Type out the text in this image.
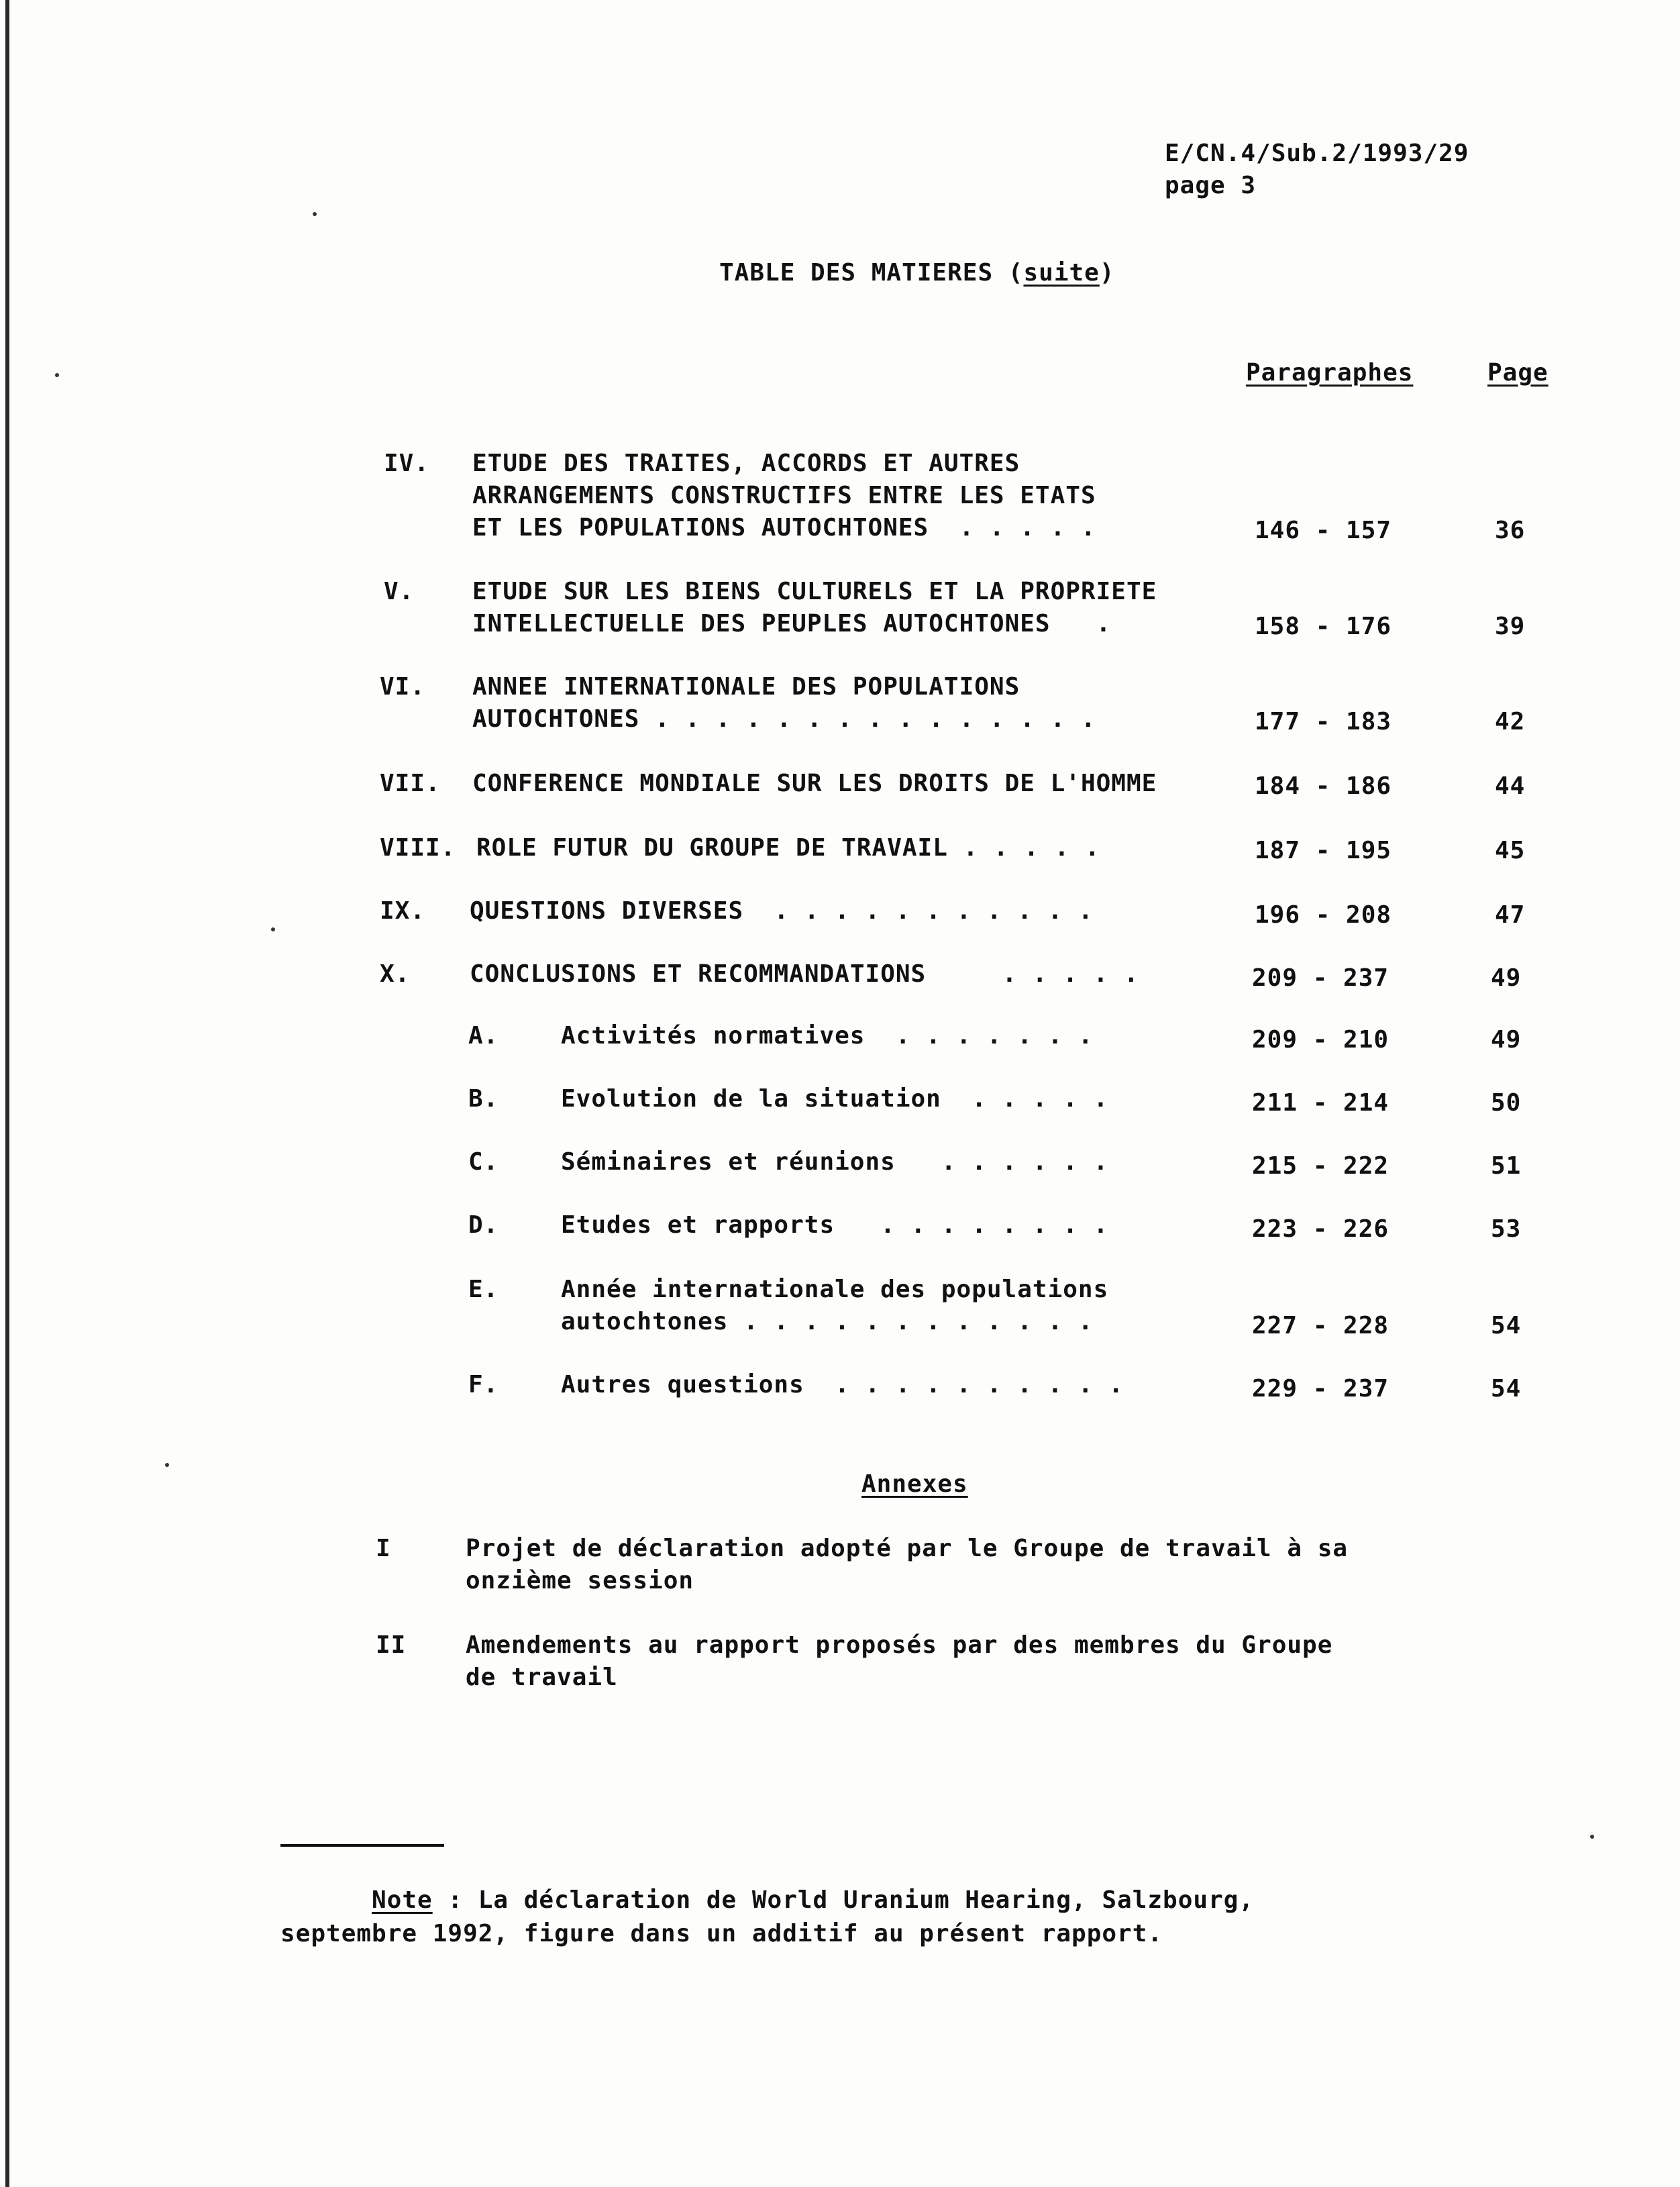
E/CN.4/Sub.2/1993/29
page 3
TABLE DES MATIERES (suite)
Paragraphes	Page
IV. ETUDE DES TRAITES, ACCORDS ET AUTRES
ARRANGEMENTS CONSTRUCTIFS ENTRE LES ETATS
ET LES POPULATIONS AUTOCHTONES  . . . . .	146 - 157	36
V. ETUDE SUR LES BIENS CULTURELS ET LA PROPRIETE
INTELLECTUELLE DES PEUPLES AUTOCHTONES   .	158 - 176	39
VI. ANNEE INTERNATIONALE DES POPULATIONS
AUTOCHTONES . . . . . . . . . . . . . . .	177 - 183	42
VII. CONFERENCE MONDIALE SUR LES DROITS DE L'HOMME	184 - 186	44
VIII. ROLE FUTUR DU GROUPE DE TRAVAIL . . . . .	187 - 195	45
IX. QUESTIONS DIVERSES  . . . . . . . . . . .	196 - 208	47
X. CONCLUSIONS ET RECOMMANDATIONS     . . . . .	209 - 237	49
A.	Activités normatives  . . . . . . .	209 - 210	49
B.	Evolution de la situation  . . . . .	211 - 214	50
C.	Séminaires et réunions   . . . . . .	215 - 222	51
D.	Etudes et rapports   . . . . . . . .	223 - 226	53
E.	Année internationale des populations
autochtones . . . . . . . . . . . .	227 - 228	54
F.	Autres questions  . . . . . . . . . .	229 - 237	54
Annexes
I	Projet de déclaration adopté par le Groupe de travail à sa
onzième session
II Amendements au rapport proposés par des membres du Groupe
de travail
Note : La déclaration de World Uranium Hearing, Salzbourg,
septembre 1992, figure dans un additif au présent rapport.
